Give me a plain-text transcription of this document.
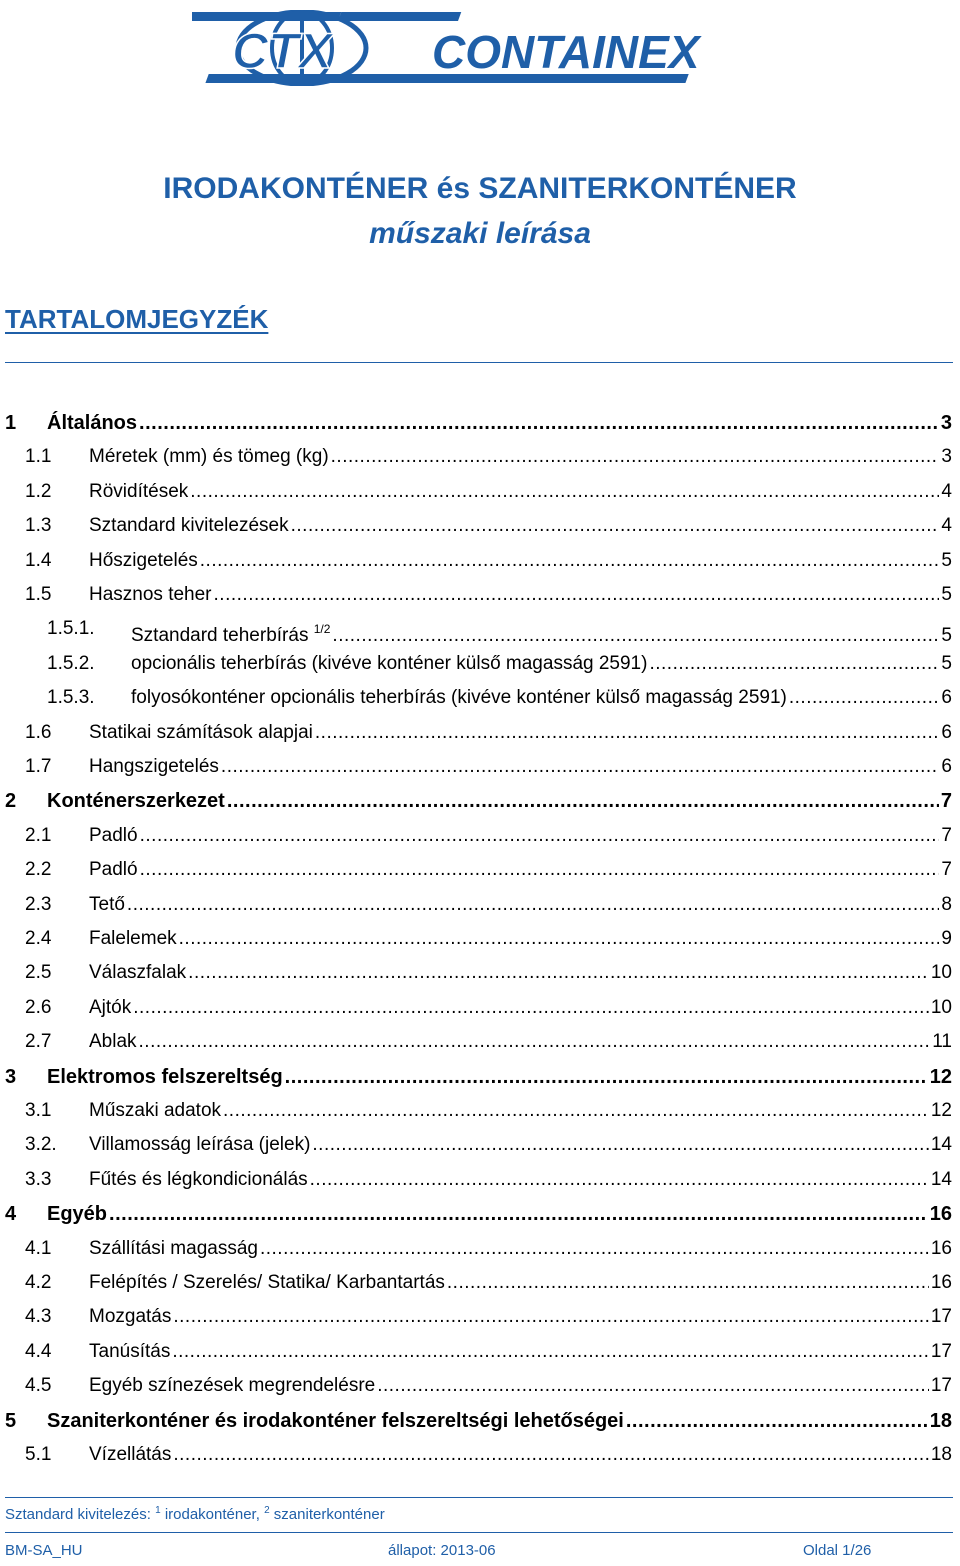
CTX CONTAINEX
IRODAKONTÉNER és SZANITERKONTÉNER
műszaki leírása
TARTALOMJEGYZÉK
1 Általános .....	3
1.1 Méretek (mm) és tömeg (kg) .....	3
1.2 Rövidítések .....	4
1.3 Sztandard kivitelezések .....	4
1.4 Hőszigetelés .....	5
1.5 Hasznos teher .....	5
1.5.1. Sztandard teherbírás $^{1/2}$ .....	5
1.5.2. opcionális teherbírás (kivéve konténer külső magasság 2591) .....	5
1.5.3. folyosókonténer opcionális teherbírás (kivéve konténer külső magasság 2591) .....	6
1.6 Statikai számítások alapjai .....	6
1.7 Hangszigetelés .....	6
2 Konténerszerkezet .....	7
2.1 Padló .....	7
2.2 Padló .....	7
2.3 Tető .....	8
2.4 Falelemek .....	9
2.5 Válaszfalak .....	10
2.6 Ajtók .....	10
2.7 Ablak .....	11
3 Elektromos felszereltség .....	12
3.1 Műszaki adatok .....	12
3.2. Villamosság leírása (jelek) .....	14
3.3 Fűtés és légkondicionálás .....	14
4 Egyéb .....	16
4.1 Szállítási magasság .....	16
4.2 Felépítés / Szerelés/ Statika/ Karbantartás .....	16
4.3 Mozgatás .....	17
4.4 Tanúsítás .....	17
4.5 Egyéb színezések megrendelésre .....	17
5 Szaniterkonténer és irodakonténer felszereltségi lehetőségei .....	18
5.1 Vízellátás .....	18
Sztandard kivitelezés: $^1$ irodakonténer, $^2$ szaniterkonténer
BM-SA_HU	állapot: 2013-06	Oldal 1/26
